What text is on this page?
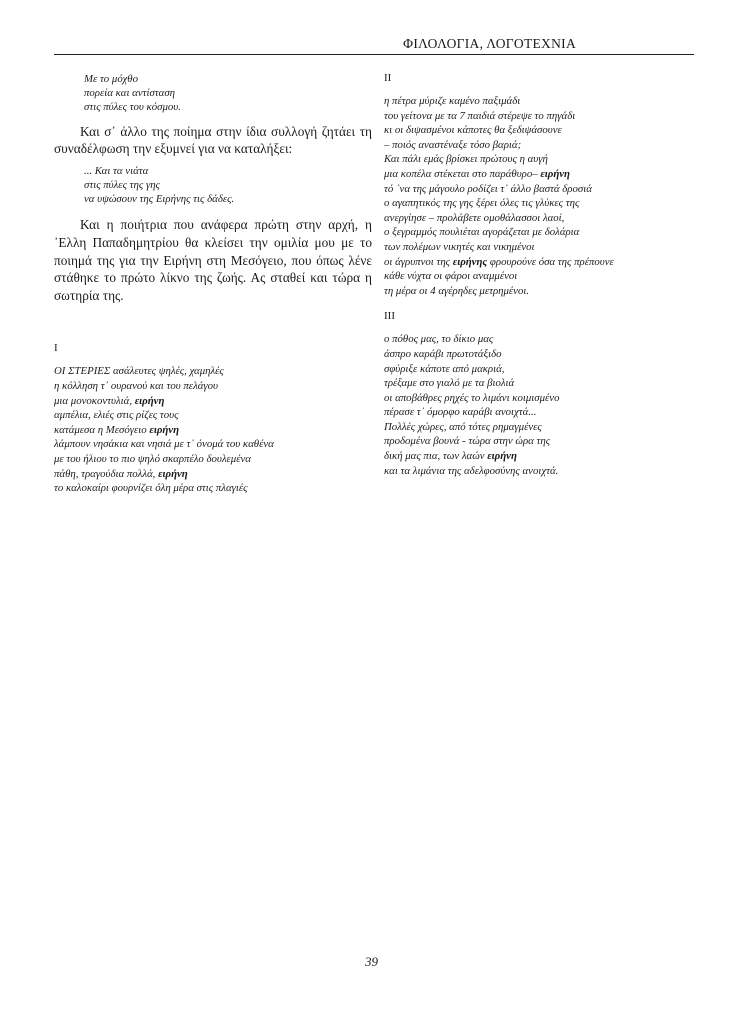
ΦΙΛΟΛΟΓΙΑ, ΛΟΓΟΤΕΧΝΙΑ
Με το μόχθο
πορεία και αντίσταση
στις πύλες του κόσμου.

Και σ᾽ άλλο της ποίημα στην ίδια συλλογή ζητάει τη συναδέλφωση την εξυμνεί για να καταλήξει:

... Και τα νιάτα
στις πύλες της γης
να υψώσουν της Ειρήνης τις δάδες.

Και η ποιήτρια που ανάφερα πρώτη στην αρχή, η ᾽Ελλη Παπαδημητρίου θα κλείσει την ομιλία μου με το ποιημά της για την Ειρήνη στη Μεσόγειο, που όπως λένε στάθηκε το πρώτο λίκνο της ζωής. Ας σταθεί και τώρα η σωτηρία της.

I
ΟΙ ΣΤΕΡΙΕΣ ασάλευτες ψηλές, χαμηλές
η κόλληση τ᾽ ουρανού και του πελάγου
μια μονοκοντυλιά, ειρήνη
αμπέλια, ελιές στις ρίζες τους
κατάμεσα η Μεσόγειο ειρήνη
λάμπουν νησάκια και νησιά με τ᾽ όνομά του καθένα
με του ήλιου το πιο ψηλό σκαρπέλο δουλεμένα
πάθη, τραγούδια πολλά, ειρήνη
το καλοκαίρι φουρνίζει όλη μέρα στις πλαγιές
II
η πέτρα μύριζε καμένο παξιμάδι
του γείτονα με τα 7 παιδιά στέρεψε το πηγάδι
κι οι διψασμένοι κάποτες θα ξεδιψάσουνε
– ποιός αναστέναξε τόσο βαριά;
Και πάλι εμάς βρίσκει πρώτους η αυγή
μια κοπέλα στέκεται στο παράθυρο– ειρήνη
τό ᾽να της μάγουλο ροδίζει τ᾽ άλλο βαστά δροσιά
ο αγαπητικός της γης ξέρει όλες τις γλύκες της
ανεργίησε – προλάβετε ομοθάλασσοι λαοί,
ο ξεγραμμός πουλιέται αγοράζεται με δολάρια
των πολέμων νικητές και νικημένοι
οι άγρυπνοι της ειρήνης φρουρούνε όσα της πρέπουνε
κάθε νύχτα οι φάροι αναμμένοι
τη μέρα οι 4 αγέρηδες μετρημένοι.
III
ο πόθος μας, το δίκιο μας
άσπρο καράβι πρωτοτάξιδο
σφύριξε κάποτε από μακριά,
τρέξαμε στο γιαλό με τα βιολιά
οι αποβάθρες ρηχές το λιμάνι κοιμισμένο
πέρασε τ᾽ όμορφο καράβι ανοιχτά...
Πολλές χώρες, από τότες ρημαγμένες
προδομένα βουνά - τώρα στην ώρα της
δική μας πια, των λαών ειρήνη
και τα λιμάνια της αδελφοσύνης ανοιχτά.
39
